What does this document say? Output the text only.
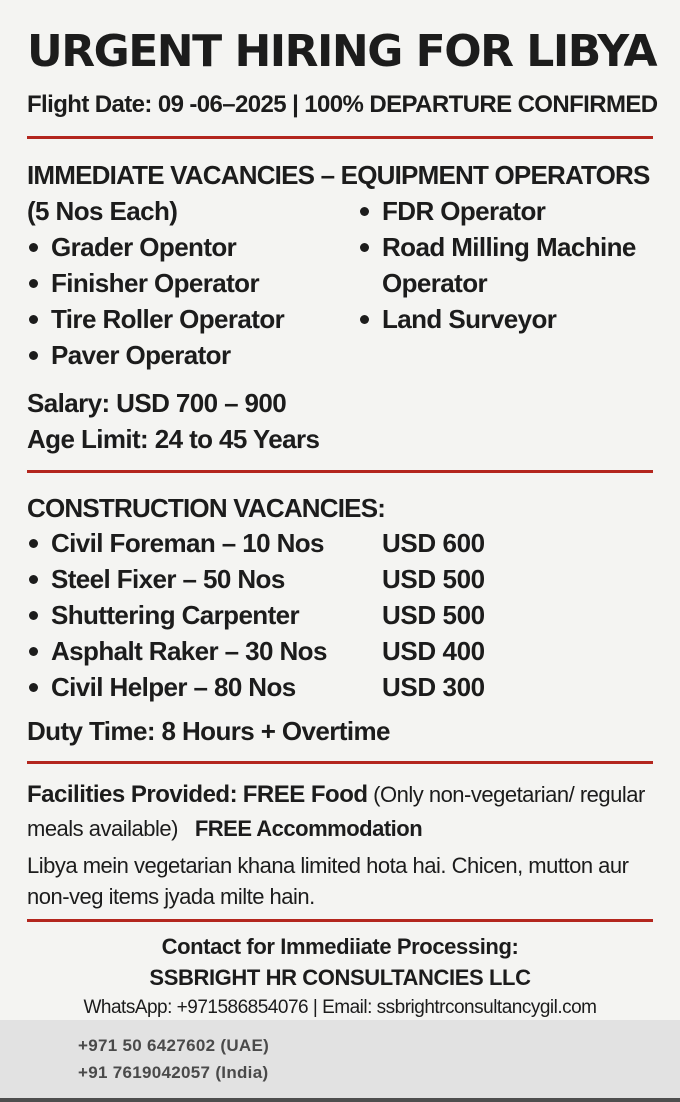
URGENT HIRING FOR LIBYA
Flight Date: 09 -06–2025 | 100% DEPARTURE CONFIRMED
IMMEDIATE VACANCIES – EQUIPMENT OPERATORS
(5 Nos Each)
Grader Opentor
Finisher Operator
Tire Roller Operator
Paver Operator
FDR Operator
Road Milling Machine
Operator
Land Surveyor
Salary: USD 700 – 900
Age Limit: 24 to 45 Years
CONSTRUCTION VACANCIES:
Civil Foreman – 10 Nos
Steel Fixer – 50 Nos
Shuttering Carpenter
Asphalt Raker – 30 Nos
Civil Helper – 80 Nos
USD 600
USD 500
USD 500
USD 400
USD 300
Duty Time: 8 Hours + Overtime
Facilities Provided: FREE Food (Only non-vegetarian/ regular meals available) FREE Accommodation
Libya mein vegetarian khana limited hota hai. Chicen, mutton aur non-veg items jyada milte hain.
Contact for Immediiate Processing:
SSBRIGHT HR CONSULTANCIES LLC
WhatsApp: +971586854076 | Email: ssbrightrconsultancygil.com
+971 50 6427602 (UAE)
+91 7619042057 (India)
